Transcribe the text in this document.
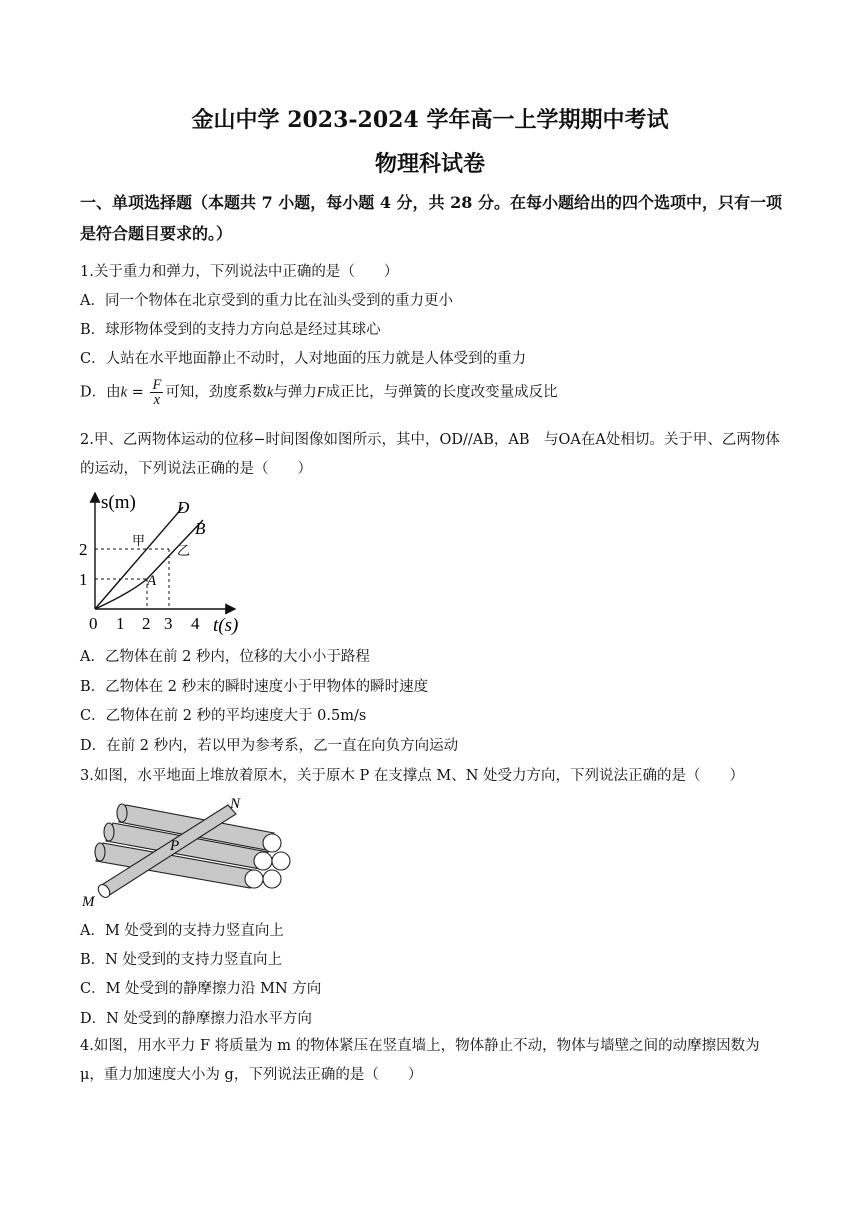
金山中学 2023-2024 学年高一上学期期中考试
物理科试卷
一、单项选择题（本题共 7 小题，每小题 4 分，共 28 分。在每小题给出的四个选项中，只有一项是符合题目要求的。）
1.关于重力和弹力，下列说法中正确的是（　　）
A．同一个物体在北京受到的重力比在汕头受到的重力更小
B．球形物体受到的支持力方向总是经过其球心
C．人站在水平地面静止不动时，人对地面的压力就是人体受到的重力
D．由$k = \frac{F}{x}$ 可知，劲度系数k与弹力F成正比，与弹簧的长度改变量成反比
2.甲、乙两物体运动的位移−时间图像如图所示，其中，OD//AB，AB　与OA在A处相切。关于甲、乙两物体的运动，下列说法正确的是（　　）
s(m)
t(s)
D
B
A
甲
乙
2
1
0 1 2 3 4
A．乙物体在前 2 秒内，位移的大小小于路程
B．乙物体在 2 秒末的瞬时速度小于甲物体的瞬时速度
C．乙物体在前 2 秒的平均速度大于 0.5m/s
D．在前 2 秒内，若以甲为参考系，乙一直在向负方向运动
3.如图，水平地面上堆放着原木，关于原木 P 在支撑点 M、N 处受力方向，下列说法正确的是（　　）
N
P
M
A．M 处受到的支持力竖直向上
B．N 处受到的支持力竖直向上
C．M 处受到的静摩擦力沿 MN 方向
D．N 处受到的静摩擦力沿水平方向
4.如图，用水平力 F 将质量为 m 的物体紧压在竖直墙上，物体静止不动，物体与墙壁之间的动摩擦因数为 μ，重力加速度大小为 g，下列说法正确的是（　　）
